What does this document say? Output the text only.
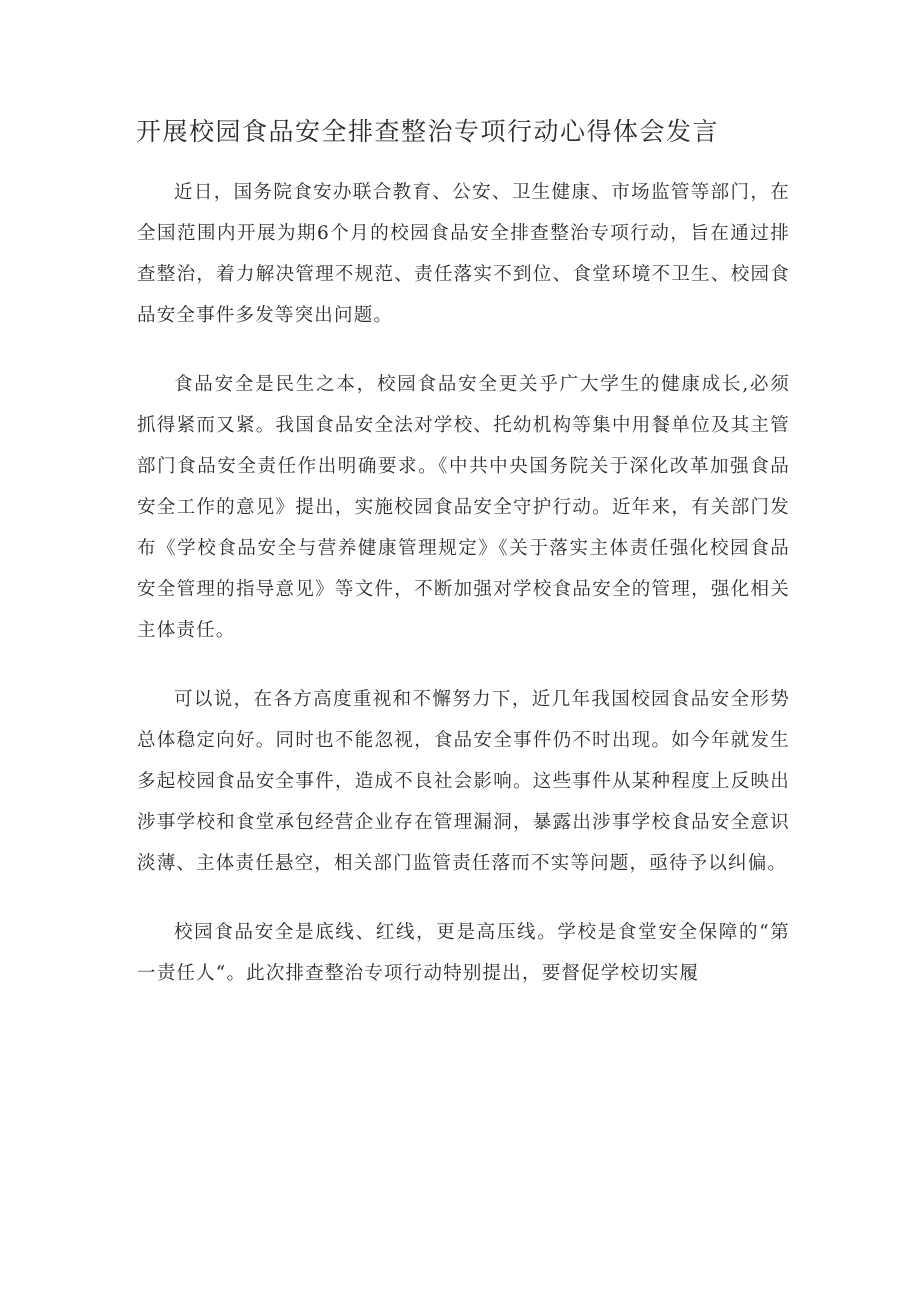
开展校园食品安全排查整治专项行动心得体会发言

近日，国务院食安办联合教育、公安、卫生健康、市场监管等部门，在全国范围内开展为期6个月的校园食品安全排查整治专项行动，旨在通过排查整治，着力解决管理不规范、责任落实不到位、食堂环境不卫生、校园食品安全事件多发等突出问题。

食品安全是民生之本，校园食品安全更关乎广大学生的健康成长,必须抓得紧而又紧。我国食品安全法对学校、托幼机构等集中用餐单位及其主管部门食品安全责任作出明确要求。《中共中央国务院关于深化改革加强食品安全工作的意见》提出，实施校园食品安全守护行动。近年来，有关部门发布《学校食品安全与营养健康管理规定》《关于落实主体责任强化校园食品安全管理的指导意见》等文件，不断加强对学校食品安全的管理，强化相关主体责任。

可以说，在各方高度重视和不懈努力下，近几年我国校园食品安全形势总体稳定向好。同时也不能忽视，食品安全事件仍不时出现。如今年就发生多起校园食品安全事件，造成不良社会影响。这些事件从某种程度上反映出涉事学校和食堂承包经营企业存在管理漏洞，暴露出涉事学校食品安全意识淡薄、主体责任悬空，相关部门监管责任落而不实等问题，亟待予以纠偏。

校园食品安全是底线、红线，更是高压线。学校是食堂安全保障的“第一责任人“。此次排查整治专项行动特别提出，要督促学校切实履
